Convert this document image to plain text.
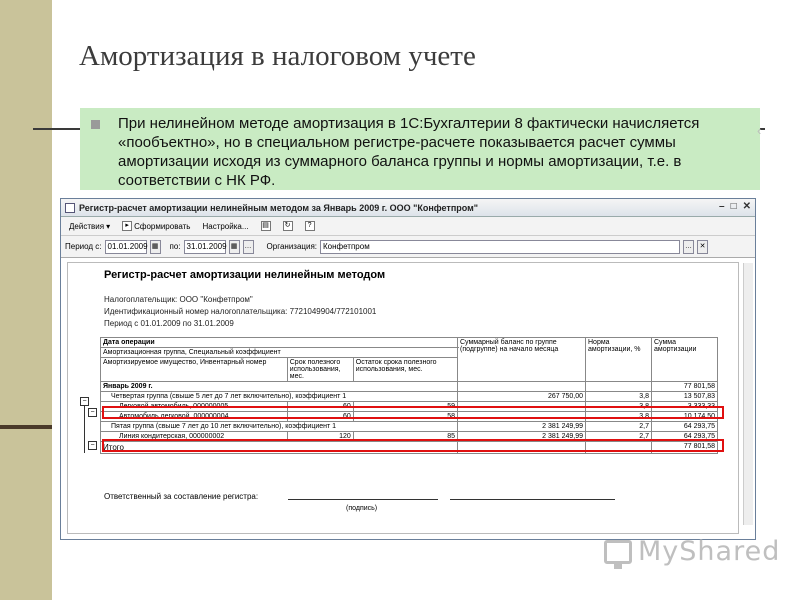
Амортизация в налоговом учете
При нелинейном методе амортизация в 1С:Бухгалтерии 8 фактически начисляется «пообъектно», но в специальном регистре-расчете показывается расчет суммы амортизации исходя из суммарного баланса группы и нормы амортизации, т.е. в соответствии с НК РФ.
‹
Регистр-расчет амортизации нелинейным методом за Январь 2009 г. ООО "Конфетпром"	– □ ✕
Действия ▾	▸ Сформировать Настройка... ▤ ↻	?
Период с: 01.01.2009 ▦ по: 31.01.2009 ▦	… Организация: Конфетпром	…	✕
Регистр-расчет амортизации нелинейным методом
Налогоплательщик: ООО "Конфетпром"
Идентификационный номер налогоплательщика: 7721049904/772101001
Период с 01.01.2009 по 31.01.2009
Дата операции			Суммарный баланс по группе (подгруппе) на начало месяца	Норма амортизации, %	Сумма амортизации
Амортизационная группа, Специальный коэффициент					
Амортизируемое имущество, Инвентарный номер	Срок полезного использования, мес.	Остаток срока полезного использования, мес.			
Январь 2009 г.					77 801,58
Четвертая группа (свыше 5 лет до 7 лет включительно), коэффициент 1			267 750,00	3,8	13 507,83
Легковой автомобиль, 000000005	60	59		3,8	3 333,33
Автомобиль легковой, 000000004	60	58		3,8	10 174,50
Пятая группа (свыше 7 лет до 10 лет включительно), коэффициент 1			2 381 249,99	2,7	64 293,75
Линия кондитерская, 000000002	120	85	2 381 249,99	2,7	64 293,75
Итого					77 801,58
−
−
−
Ответственный за составление регистра:
(подпись)
MyShared
